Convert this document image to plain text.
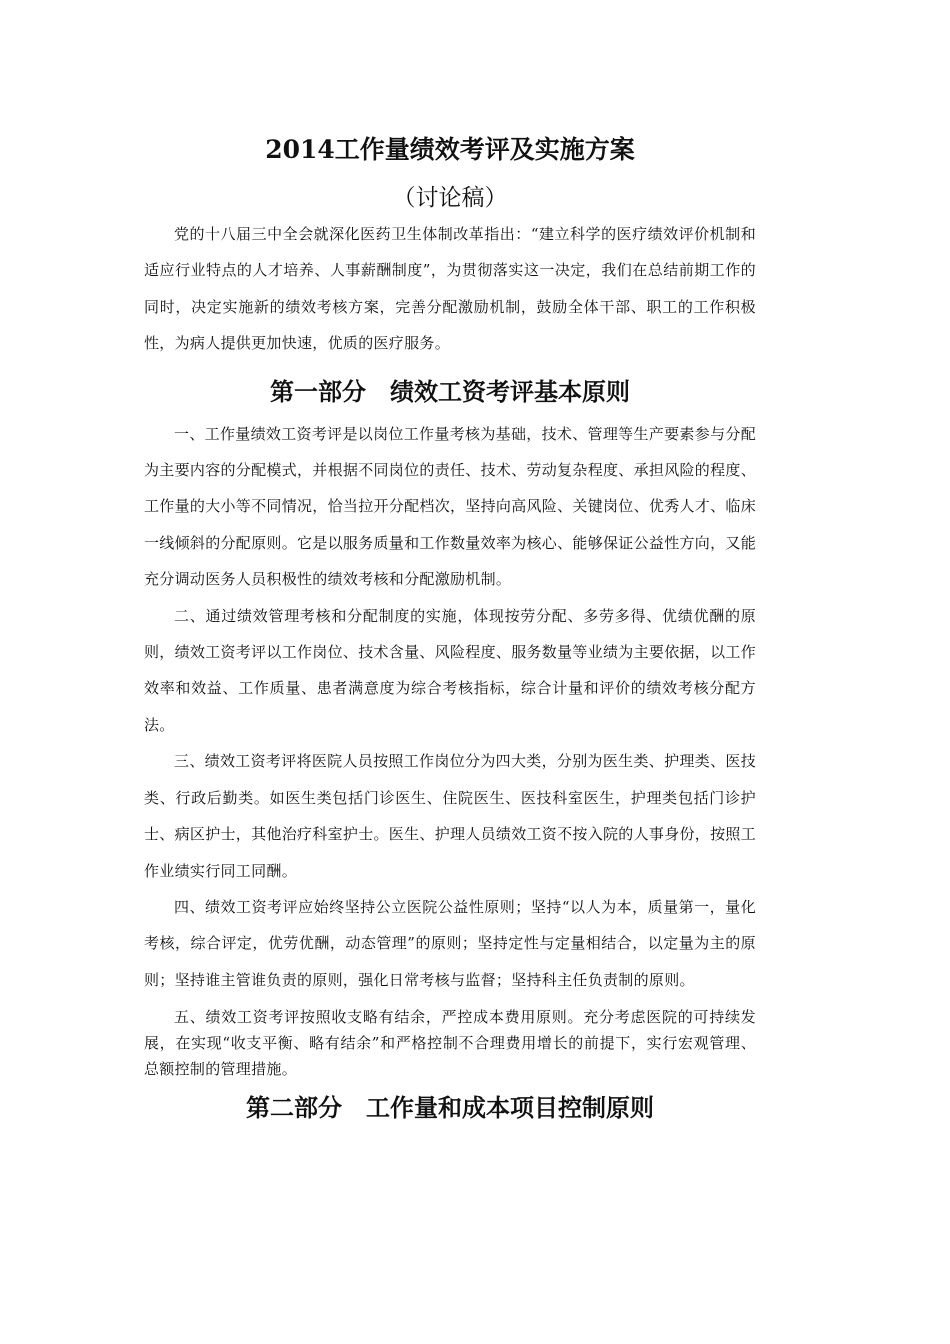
2014工作量绩效考评及实施方案
（讨论稿）

党的十八届三中全会就深化医药卫生体制改革指出：“建立科学的医疗绩效评价机制和适应行业特点的人才培养、人事薪酬制度”，为贯彻落实这一决定，我们在总结前期工作的同时，决定实施新的绩效考核方案，完善分配激励机制，鼓励全体干部、职工的工作积极性，为病人提供更加快速，优质的医疗服务。

第一部分　绩效工资考评基本原则

一、工作量绩效工资考评是以岗位工作量考核为基础，技术、管理等生产要素参与分配为主要内容的分配模式，并根据不同岗位的责任、技术、劳动复杂程度、承担风险的程度、工作量的大小等不同情况，恰当拉开分配档次，坚持向高风险、关键岗位、优秀人才、临床一线倾斜的分配原则。它是以服务质量和工作数量效率为核心、能够保证公益性方向，又能充分调动医务人员积极性的绩效考核和分配激励机制。

二、通过绩效管理考核和分配制度的实施，体现按劳分配、多劳多得、优绩优酬的原则，绩效工资考评以工作岗位、技术含量、风险程度、服务数量等业绩为主要依据，以工作效率和效益、工作质量、患者满意度为综合考核指标，综合计量和评价的绩效考核分配方法。

三、绩效工资考评将医院人员按照工作岗位分为四大类，分别为医生类、护理类、医技类、行政后勤类。如医生类包括门诊医生、住院医生、医技科室医生，护理类包括门诊护士、病区护士，其他治疗科室护士。医生、护理人员绩效工资不按入院的人事身份，按照工作业绩实行同工同酬。

四、绩效工资考评应始终坚持公立医院公益性原则；坚持“以人为本，质量第一，量化考核，综合评定，优劳优酬，动态管理”的原则；坚持定性与定量相结合，以定量为主的原则；坚持谁主管谁负责的原则，强化日常考核与监督；坚持科主任负责制的原则。

五、绩效工资考评按照收支略有结余，严控成本费用原则。充分考虑医院的可持续发展，在实现“收支平衡、略有结余”和严格控制不合理费用增长的前提下，实行宏观管理、总额控制的管理措施。

第二部分　工作量和成本项目控制原则
